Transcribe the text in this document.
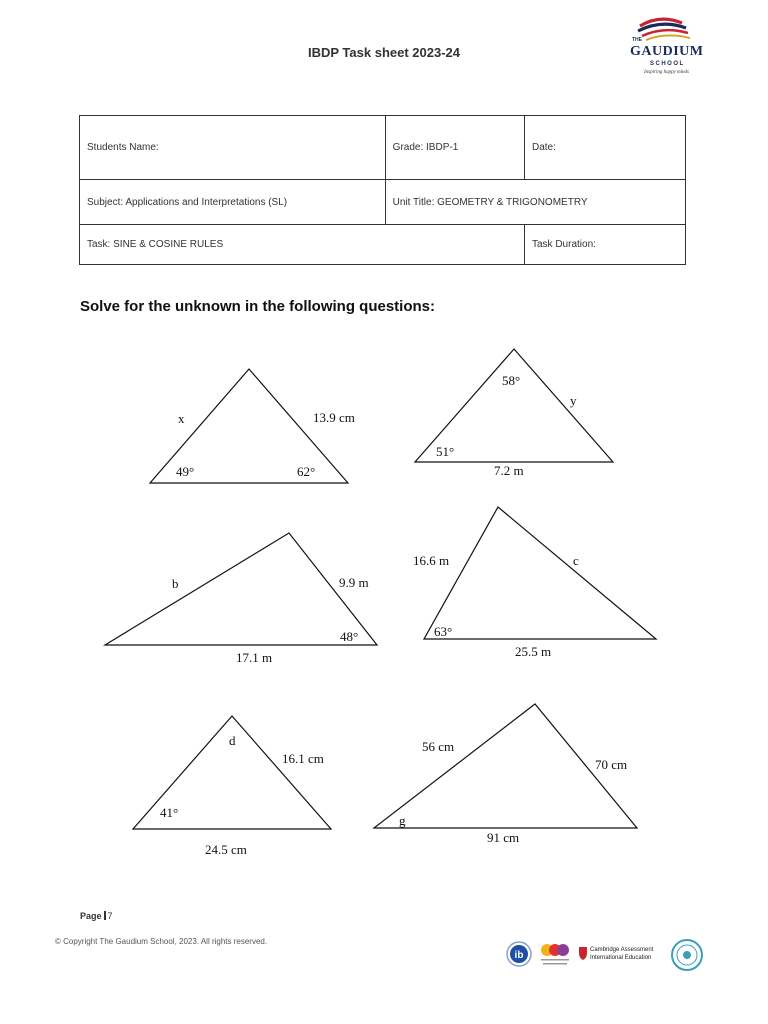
IBDP Task sheet 2023-24
THE
GAUDIUM
SCHOOL
Inspiring happy minds
Students Name:	Grade: IBDP-1	Date:
Subject: Applications and Interpretations (SL)	Unit Title: GEOMETRY & TRIGONOMETRY	
Task: SINE & COSINE RULES		Task Duration:
Solve for the unknown in the following questions:
x	13.9 cm
49°	62°
58°
y
51°
7.2 m
b	9.9 m
48°
17.1 m
16.6 m	c
63°
25.5 m
d
16.1 cm
41°
24.5 cm
56 cm
70 cm
g
91 cm
Page 7
© Copyright The Gaudium School, 2023. All rights reserved.
ib	Cambridge Assessment
International Education
